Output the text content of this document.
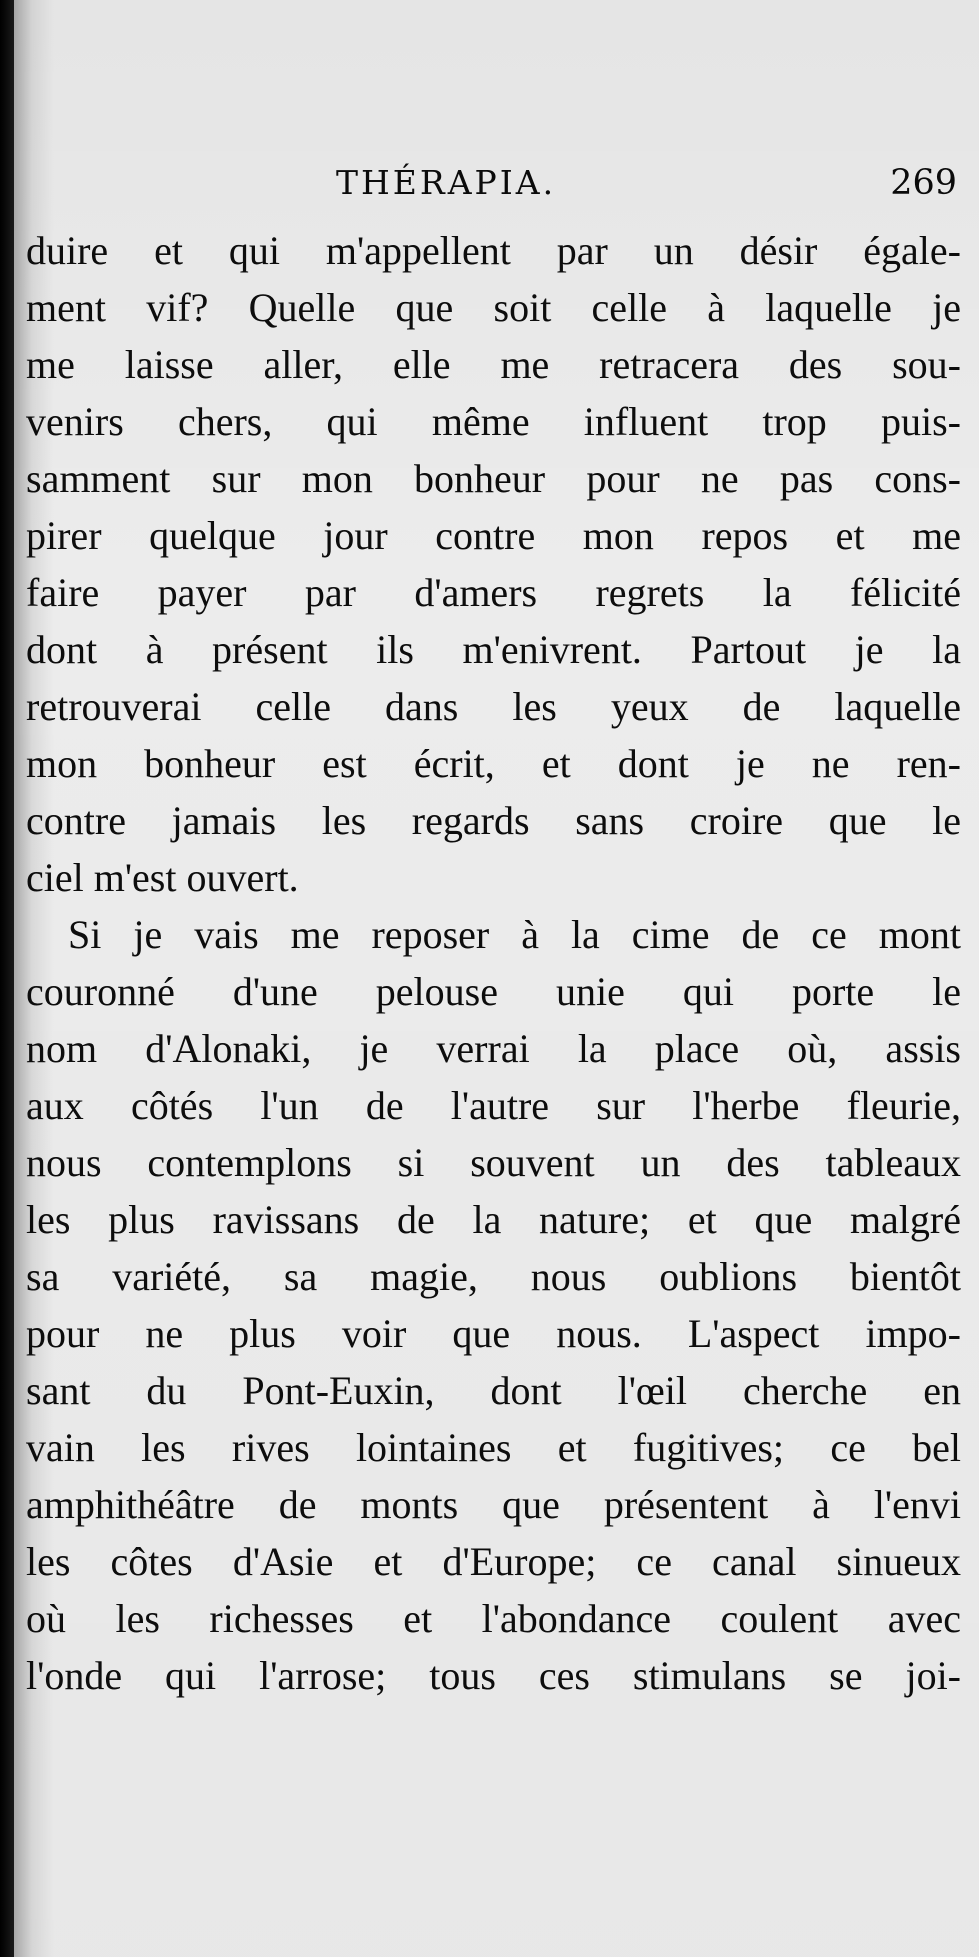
THÉRAPIA.	269
duire et qui m'appellent par un désir égale-
ment vif? Quelle que soit celle à laquelle je
me laisse aller, elle me retracera des sou-
venirs chers, qui même influent trop puis-
samment sur mon bonheur pour ne pas cons-
pirer quelque jour contre mon repos et me
faire payer par d'amers regrets la félicité
dont à présent ils m'enivrent. Partout je la
retrouverai celle dans les yeux de laquelle
mon bonheur est écrit, et dont je ne ren-
contre jamais les regards sans croire que le
ciel m'est ouvert.
Si je vais me reposer à la cime de ce mont
couronné d'une pelouse unie qui porte le
nom d'Alonaki, je verrai la place où, assis
aux côtés l'un de l'autre sur l'herbe fleurie,
nous contemplons si souvent un des tableaux
les plus ravissans de la nature; et que malgré
sa variété, sa magie, nous oublions bientôt
pour ne plus voir que nous. L'aspect impo-
sant du Pont-Euxin, dont l'œil cherche en
vain les rives lointaines et fugitives; ce bel
amphithéâtre de monts que présentent à l'envi
les côtes d'Asie et d'Europe; ce canal sinueux
où les richesses et l'abondance coulent avec
l'onde qui l'arrose; tous ces stimulans se joi-
